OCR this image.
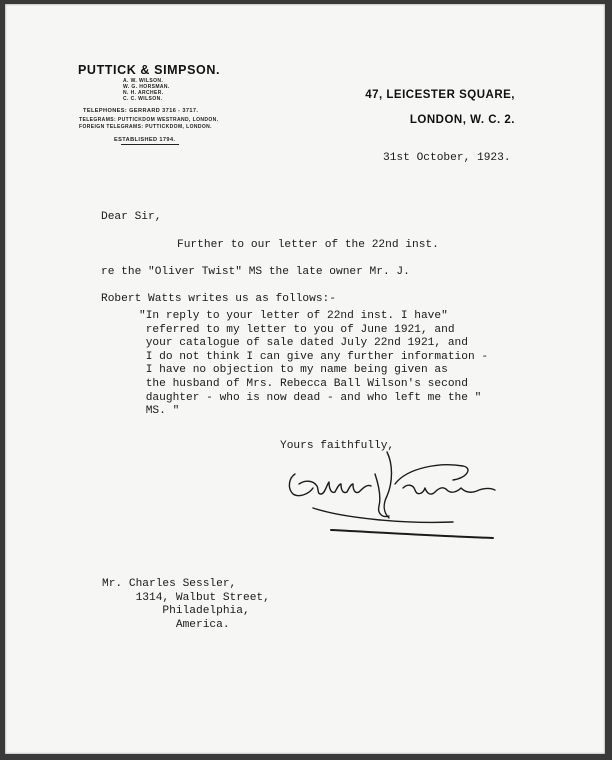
PUTTICK & SIMPSON.
A. W. WILSON.
W. G. HORSMAN.
N. H. ARCHER.
C. C. WILSON.
TELEPHONES: GERRARD 3716 - 3717.
TELEGRAMS: PUTTICKDOM WESTRAND, LONDON.
FOREIGN TELEGRAMS: PUTTICKDOM, LONDON.
ESTABLISHED 1794.
47, LEICESTER SQUARE,
LONDON, W. C. 2.
31st October, 1923.
Dear Sir,
Further to our letter of the 22nd inst.
re the "Oliver Twist" MS the late owner Mr. J.
Robert Watts writes us as follows:-
"In reply to your letter of 22nd inst. I have"
referred to my letter to you of June 1921, and
your catalogue of sale dated July 22nd 1921, and
I do not think I can give any further information -
I have no objection to my name being given as
the husband of Mrs. Rebecca Ball Wilson's second
daughter - who is now dead - and who left me the "
MS. "
Yours faithfully,
Mr. Charles Sessler,
1314, Walbut Street,
Philadelphia,
America.
